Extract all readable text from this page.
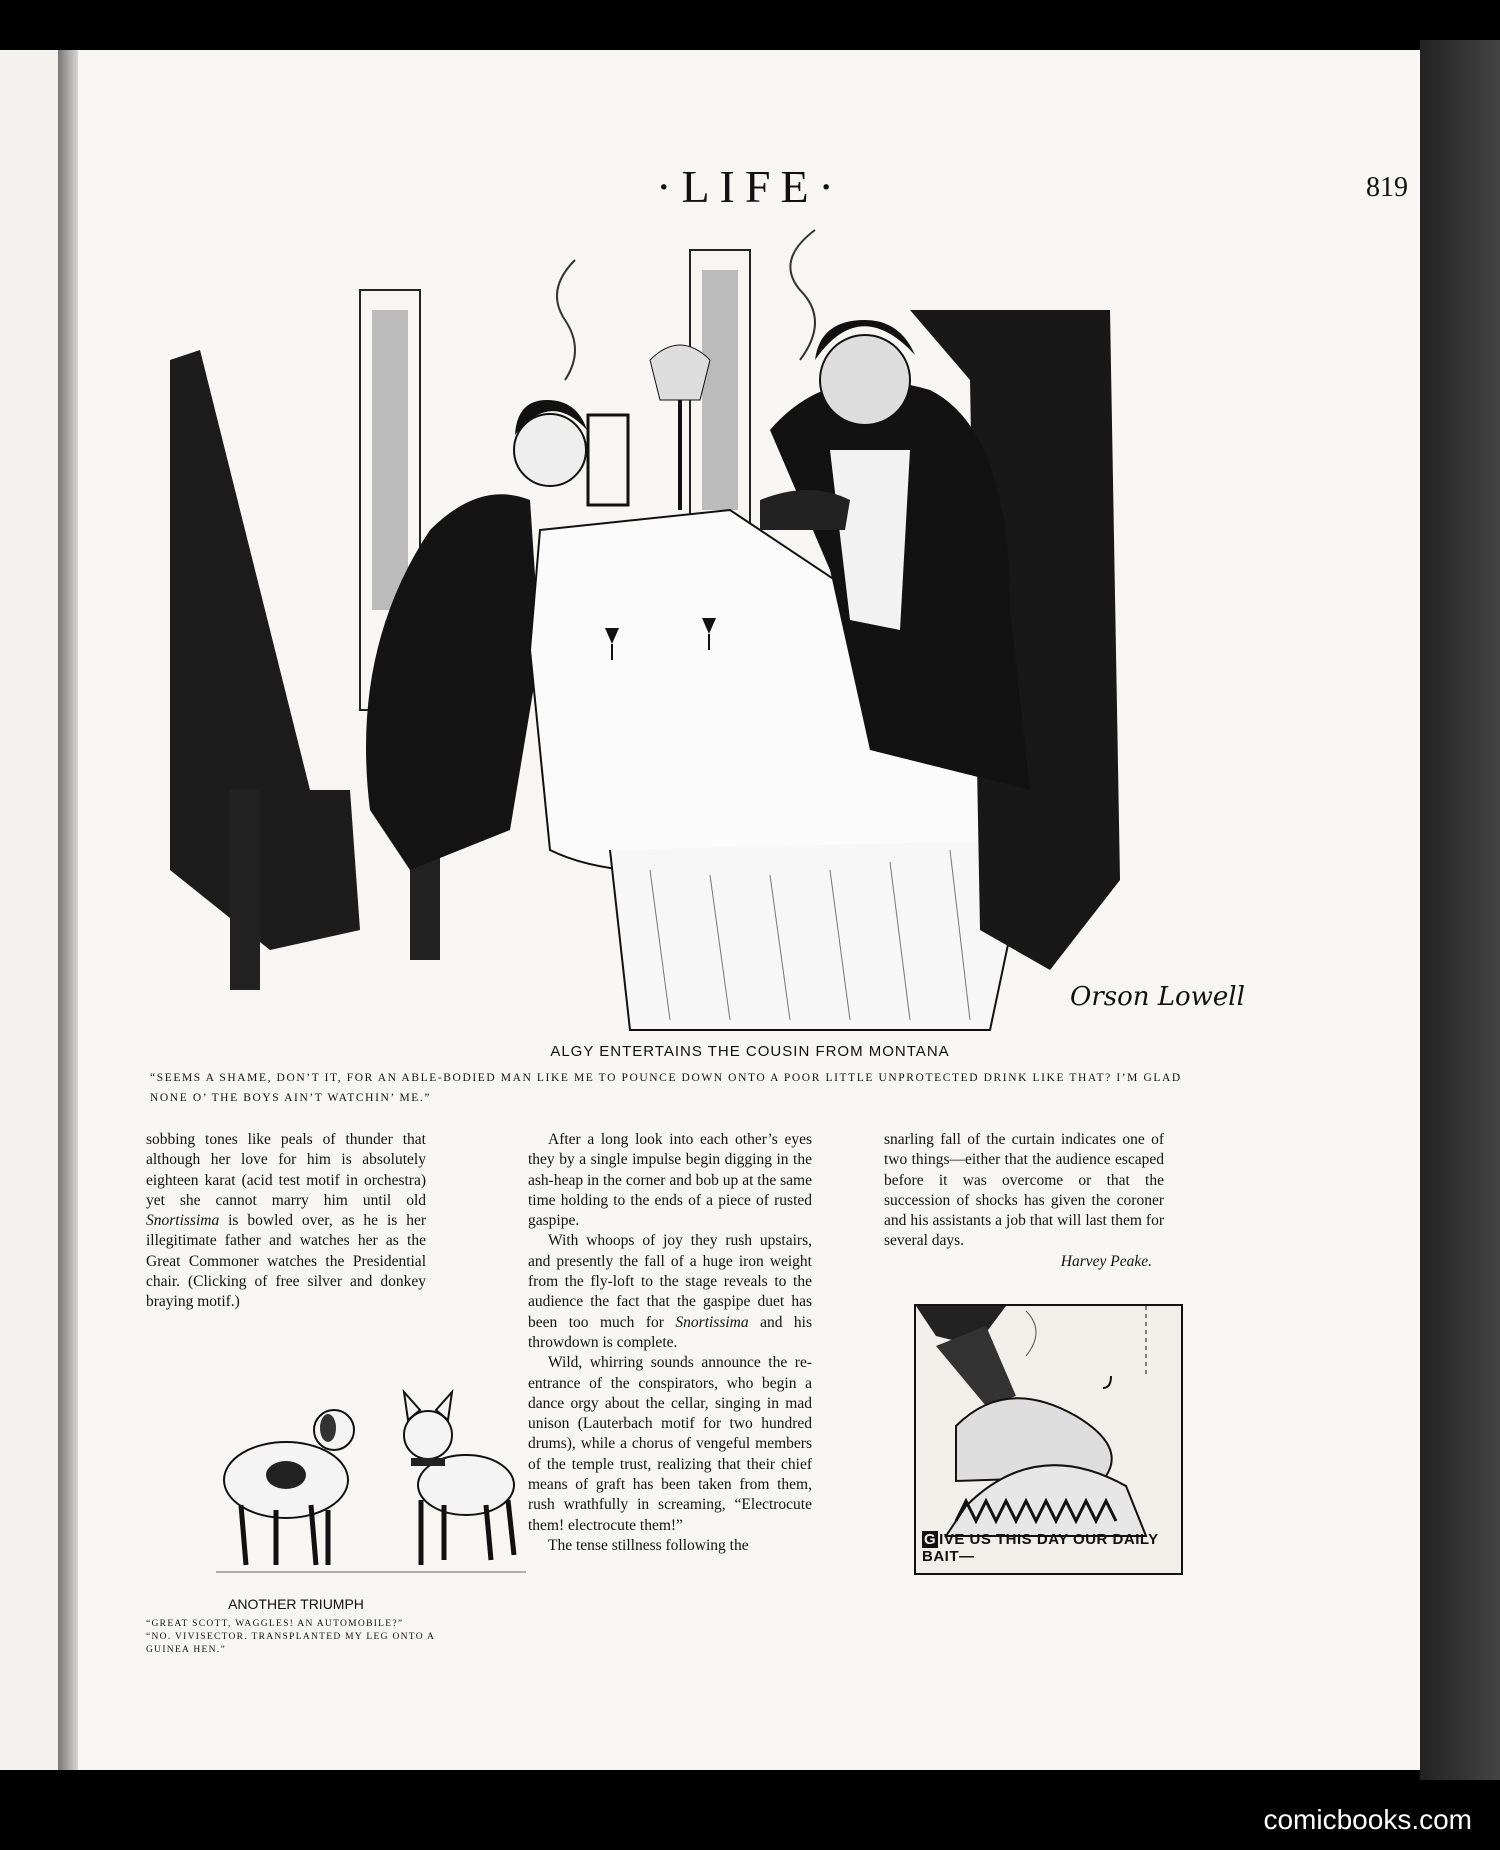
·LIFE·	819
Orson Lowell
ALGY ENTERTAINS THE COUSIN FROM MONTANA
“SEEMS A SHAME, DON’T IT, FOR AN ABLE-BODIED MAN LIKE ME TO POUNCE DOWN ONTO A POOR LITTLE UNPROTECTED DRINK LIKE THAT? I’M GLAD NONE O’ THE BOYS AIN’T WATCHIN’ ME.”

sobbing tones like peals of thunder that although her love for him is absolutely eighteen karat (acid test motif in orchestra) yet she cannot marry him until old Snortissima is bowled over, as he is her illegitimate father and watches her as the Great Commoner watches the Presidential chair. (Clicking of free silver and donkey braying motif.)

ANOTHER TRIUMPH
“GREAT SCOTT, WAGGLES! AN AUTOMOBILE?”
“NO. VIVISECTOR. TRANSPLANTED MY LEG ONTO A GUINEA HEN.”

After a long look into each other’s eyes they by a single impulse begin digging in the ash-heap in the corner and bob up at the same time holding to the ends of a piece of rusted gaspipe.

With whoops of joy they rush upstairs, and presently the fall of a huge iron weight from the fly-loft to the stage reveals to the audience the fact that the gaspipe duet has been too much for Snortissima and his throwdown is complete.

Wild, whirring sounds announce the re-entrance of the conspirators, who begin a dance orgy about the cellar, singing in mad unison (Lauterbach motif for two hundred drums), while a chorus of vengeful members of the temple trust, realizing that their chief means of graft has been taken from them, rush wrathfully in screaming, “Electrocute them! electrocute them!”

The tense stillness following the

snarling fall of the curtain indicates one of two things—either that the audience escaped before it was overcome or that the succession of shocks has given the coroner and his assistants a job that will last them for several days.

Harvey Peake.

G IVE US THIS DAY OUR DAILY BAIT—
comicbooks.com
